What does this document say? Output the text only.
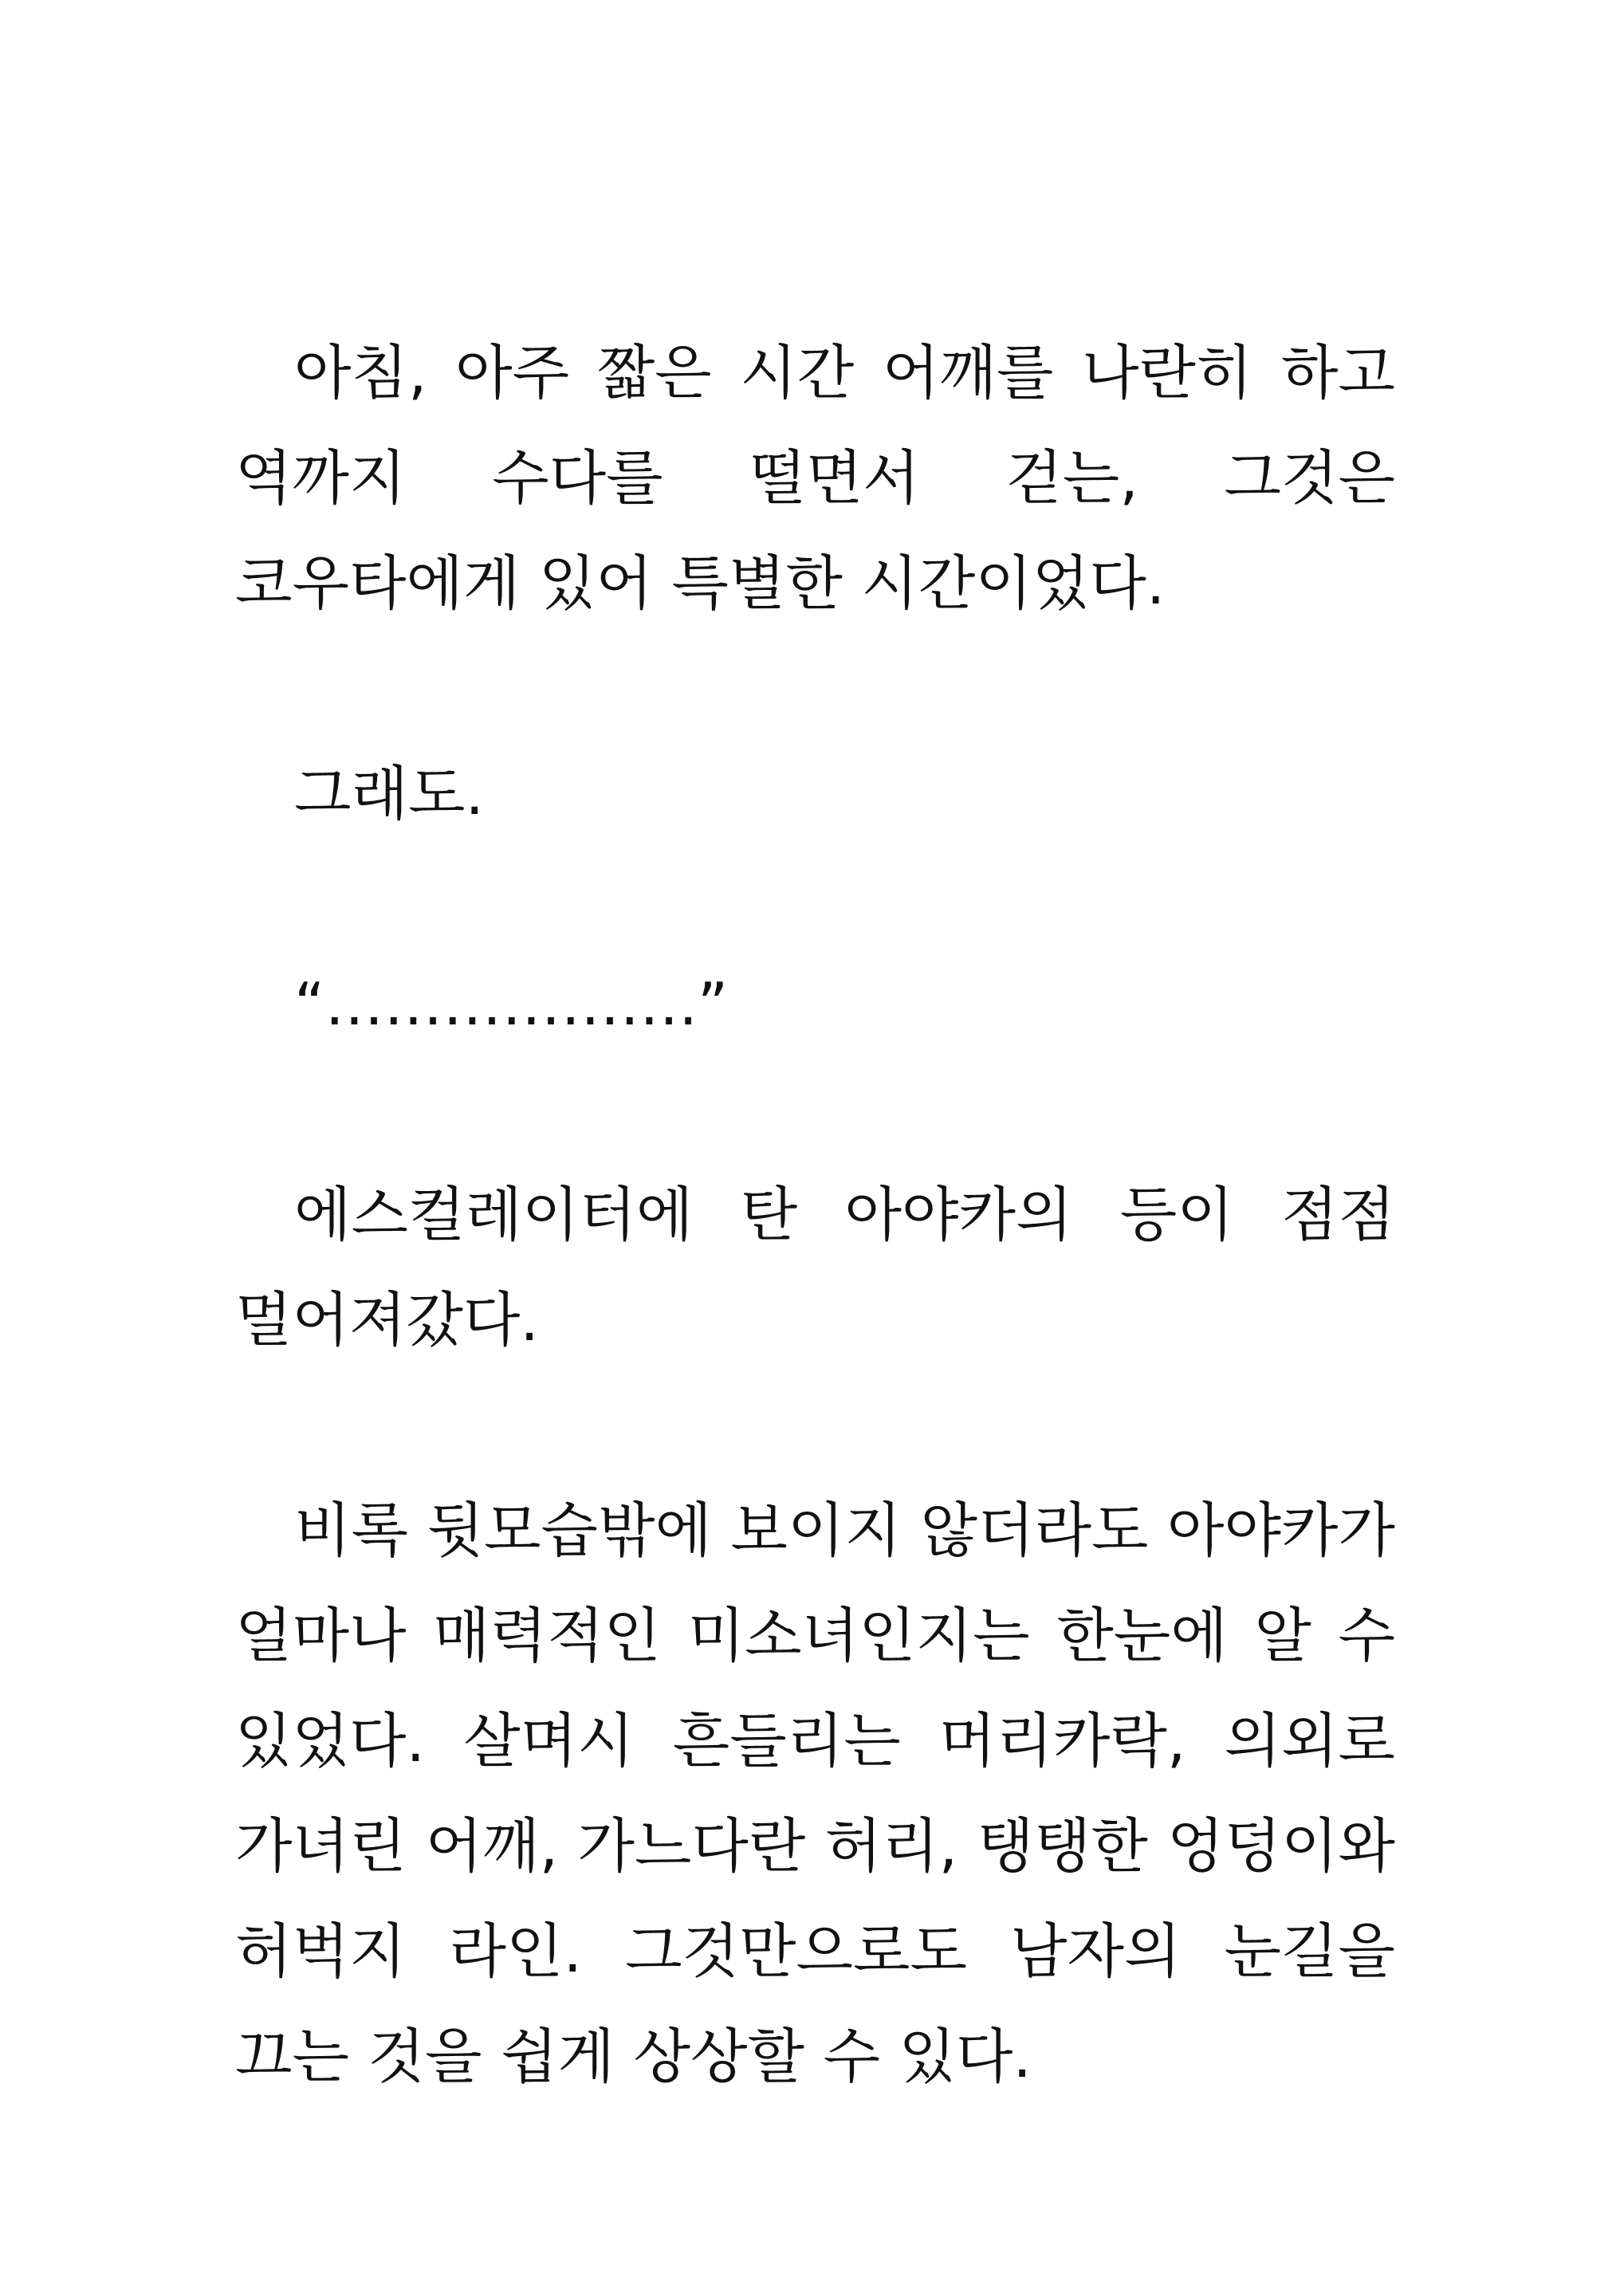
아침, 아주 짧은 시간 어깨를 나란히 하고 역까지 수다를 떨면서 걷는, 그것은 코우타에게 있어 특별한 시간이었다.

그래도.

“……………….”

에스컬레이터에 탄 아야카의 등이 점점 멀어져갔다.

비록 뒷모습밖에 보이지 않더라도 아야카가 얼마나 매력적인 미소녀인지는 한눈에 알 수 있었다. 살며시 흔들리는 머리카락, 의외로 가녀린 어깨, 가느다란 허리, 탱탱한 엉덩이와 허벅지 라인. 그것만으로도 남자의 눈길을 끄는 것을 쉽게 상상할 수 있다.
